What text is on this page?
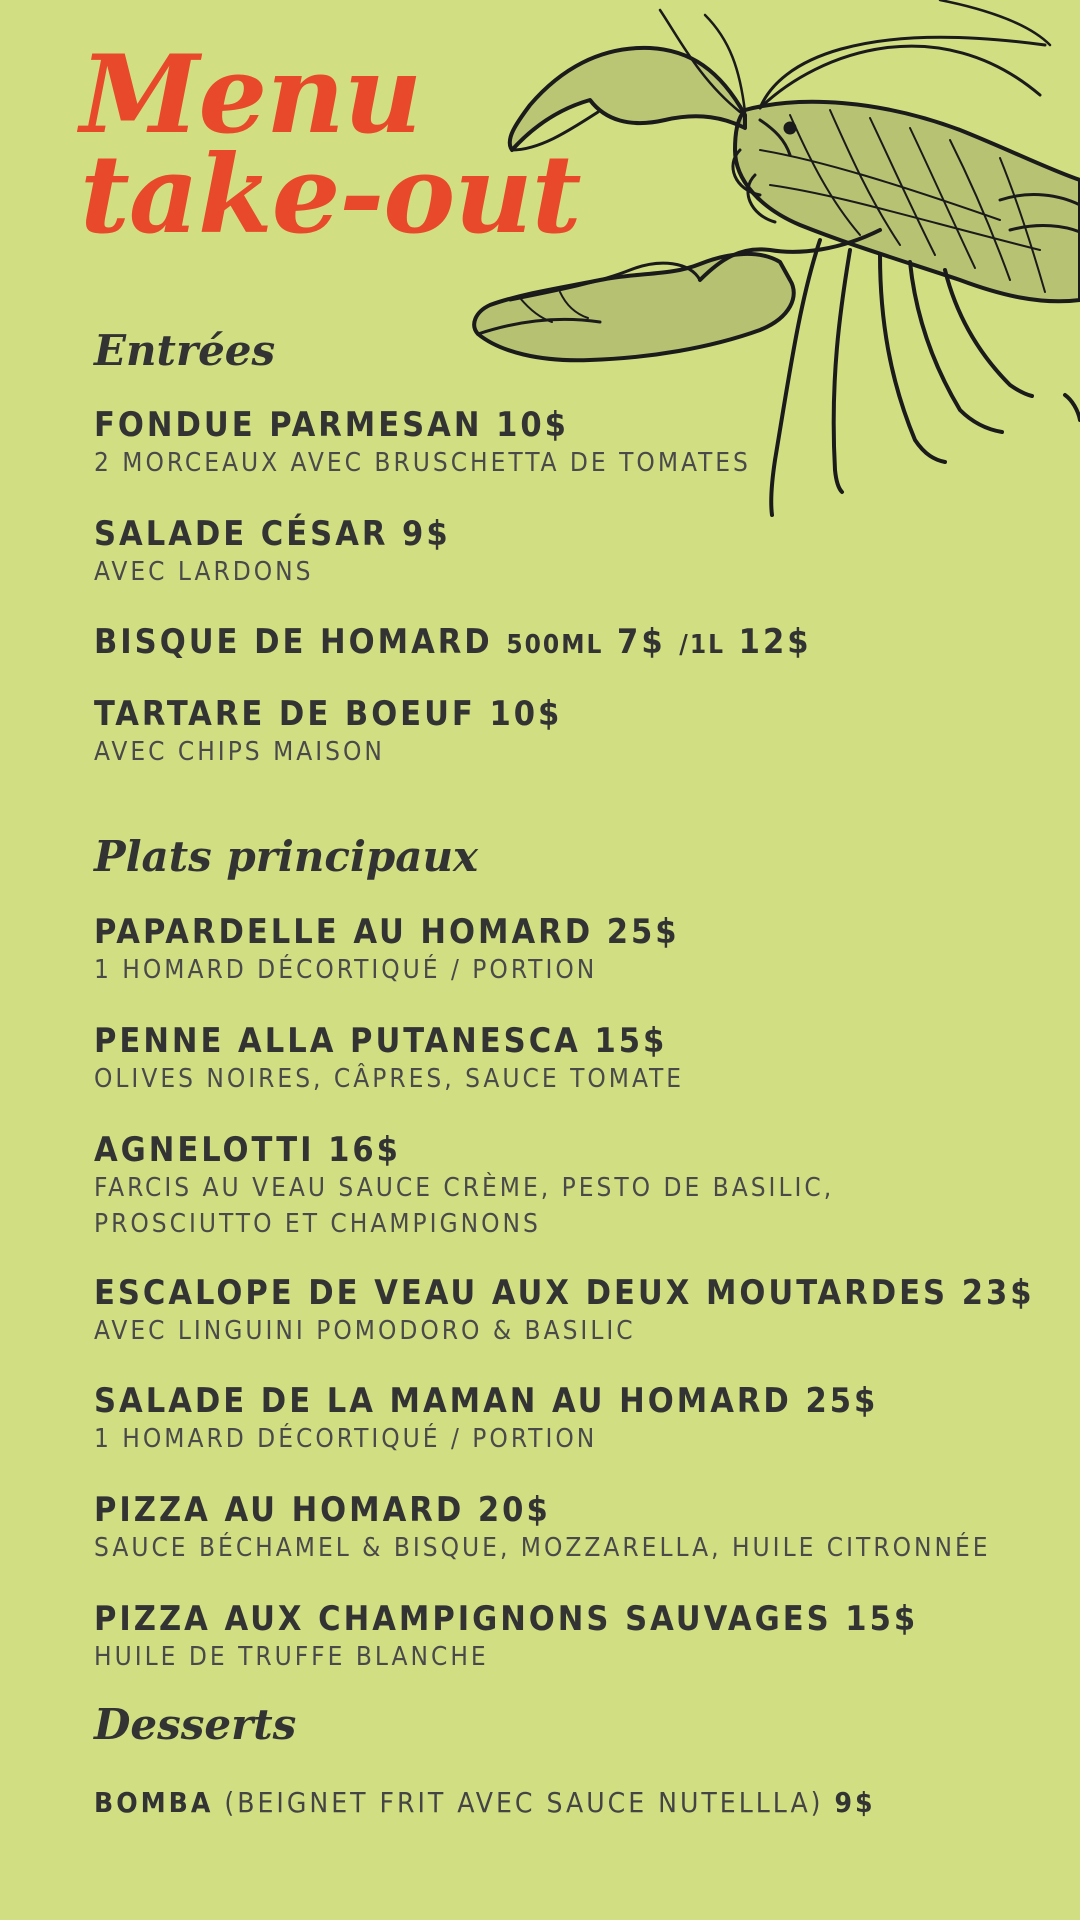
Menu
take-out
Entrées
FONDUE PARMESAN 10$
2 MORCEAUX AVEC BRUSCHETTA DE TOMATES
SALADE CÉSAR 9$
AVEC LARDONS
BISQUE DE HOMARD 500ML 7$ /1L 12$
TARTARE DE BOEUF 10$
AVEC CHIPS MAISON
Plats principaux
PAPARDELLE AU HOMARD 25$
1 HOMARD DÉCORTIQUÉ / PORTION
PENNE ALLA PUTANESCA 15$
OLIVES NOIRES, CÂPRES, SAUCE TOMATE
AGNELOTTI 16$
FARCIS AU VEAU SAUCE CRÈME, PESTO DE BASILIC,
PROSCIUTTO ET CHAMPIGNONS
ESCALOPE DE VEAU AUX DEUX MOUTARDES 23$
AVEC LINGUINI POMODORO & BASILIC
SALADE DE LA MAMAN AU HOMARD 25$
1 HOMARD DÉCORTIQUÉ / PORTION
PIZZA AU HOMARD 20$
SAUCE BÉCHAMEL & BISQUE, MOZZARELLA, HUILE CITRONNÉE
PIZZA AUX CHAMPIGNONS SAUVAGES 15$
HUILE DE TRUFFE BLANCHE
Desserts
BOMBA (BEIGNET FRIT AVEC SAUCE NUTELLLA) 9$
